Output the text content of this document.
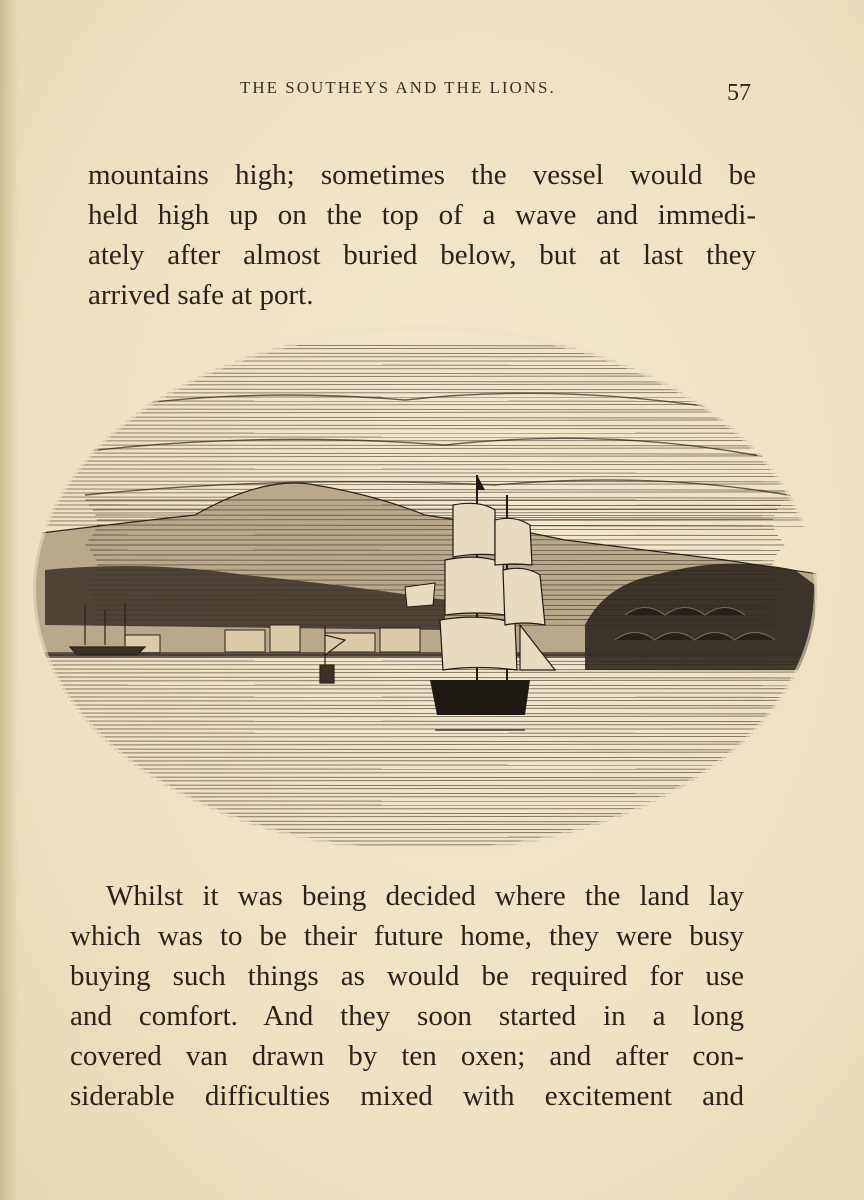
THE SOUTHEYS AND THE LIONS.	57
mountains high; sometimes the vessel would be
held high up on the top of a wave and immedi-
ately after almost buried below, but at last they
arrived safe at port.
Whilst it was being decided where the land lay
which was to be their future home, they were busy
buying such things as would be required for use
and comfort. And they soon started in a long
covered van drawn by ten oxen; and after con-
siderable difficulties mixed with excitement and
